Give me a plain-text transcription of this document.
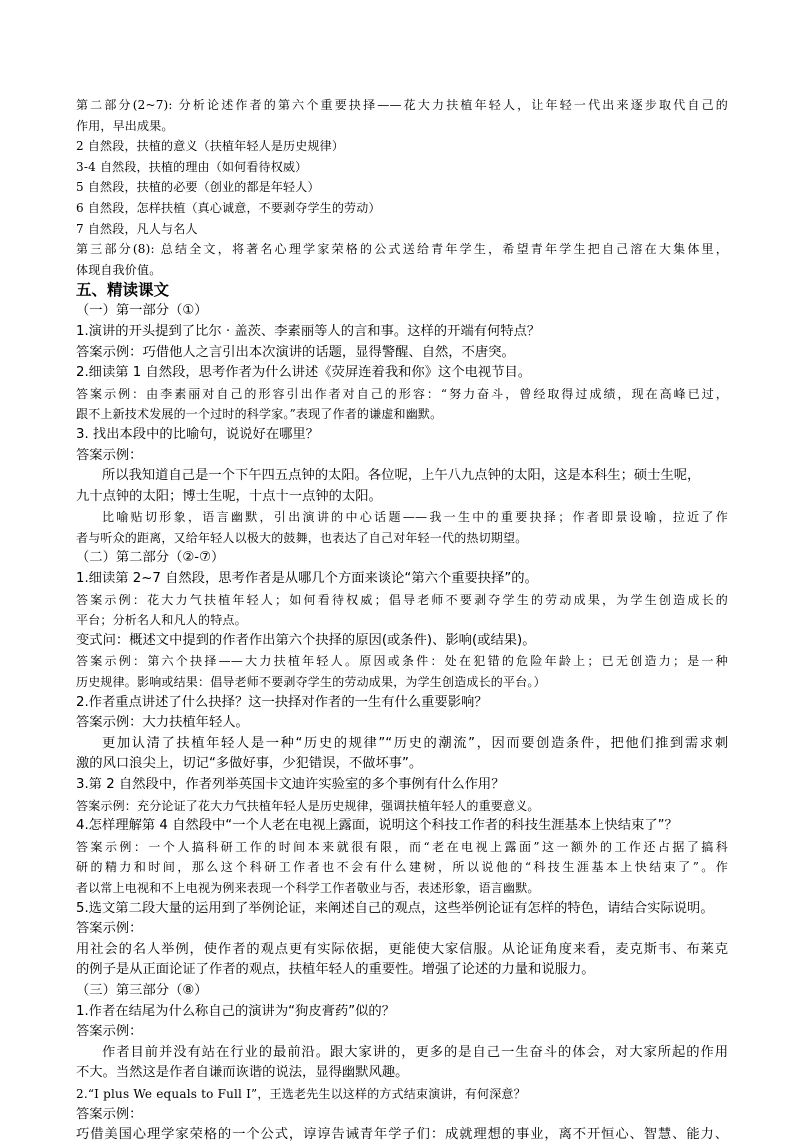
第二部分(2~7): 分析论述作者的第六个重要抉择——花大力扶植年轻人，让年轻一代出来逐步取代自己的
作用，早出成果。
2 自然段，扶植的意义（扶植年轻人是历史规律）
3-4 自然段，扶植的理由（如何看待权威）
5 自然段，扶植的必要（创业的都是年轻人）
6 自然段，怎样扶植（真心诚意，不要剥夺学生的劳动）
7 自然段，凡人与名人
第三部分(8): 总结全文，将著名心理学家荣格的公式送给青年学生，希望青年学生把自己溶在大集体里，
体现自我价值。
五、精读课文
（一）第一部分（①）
1.演讲的开头提到了比尔 · 盖茨、李素丽等人的言和事。这样的开端有何特点？
答案示例：巧借他人之言引出本次演讲的话题，显得警醒、自然，不唐突。
2.细读第 1 自然段，思考作者为什么讲述《荧屏连着我和你》这个电视节目。
答案示例：由李素丽对自己的形容引出作者对自己的形容：“努力奋斗，曾经取得过成绩，现在高峰已过，
跟不上新技术发展的一个过时的科学家。”表现了作者的谦虚和幽默。
3. 找出本段中的比喻句，说说好在哪里？
答案示例：
所以我知道自己是一个下午四五点钟的太阳。各位呢，上午八九点钟的太阳，这是本科生；硕士生呢，
九十点钟的太阳；博士生呢，十点十一点钟的太阳。
比喻贴切形象，语言幽默，引出演讲的中心话题——我一生中的重要抉择；作者即景设喻，拉近了作
者与听众的距离，又给年轻人以极大的鼓舞，也表达了自己对年轻一代的热切期望。
（二）第二部分（②-⑦）
1.细读第 2~7 自然段，思考作者是从哪几个方面来谈论“第六个重要抉择”的。
答案示例：花大力气扶植年轻人；如何看待权威；倡导老师不要剥夺学生的劳动成果，为学生创造成长的
平台；分析名人和凡人的特点。
变式问：概述文中提到的作者作出第六个抉择的原因(或条件)、影响(或结果)。
答案示例：第六个抉择——大力扶植年轻人。原因或条件：处在犯错的危险年龄上；已无创造力；是一种
历史规律。影响或结果：倡导老师不要剥夺学生的劳动成果，为学生创造成长的平台。）
2.作者重点讲述了什么抉择？这一抉择对作者的一生有什么重要影响？
答案示例：大力扶植年轻人。
更加认清了扶植年轻人是一种“历史的规律”“历史的潮流”，因而要创造条件，把他们推到需求刺
激的风口浪尖上，切记“多做好事，少犯错误，不做坏事”。
3.第 2 自然段中，作者列举英国卡文迪许实验室的多个事例有什么作用？
答案示例：充分论证了花大力气扶植年轻人是历史规律，强调扶植年轻人的重要意义。
4.怎样理解第 4 自然段中“一个人老在电视上露面，说明这个科技工作者的科技生涯基本上快结束了”？
答案示例：一个人搞科研工作的时间本来就很有限，而“老在电视上露面”这一额外的工作还占据了搞科
研的精力和时间，那么这个科研工作者也不会有什么建树，所以说他的“科技生涯基本上快结束了”。作
者以常上电视和不上电视为例来表现一个科学工作者敬业与否，表述形象，语言幽默。
5.选文第二段大量的运用到了举例论证，来阐述自己的观点，这些举例论证有怎样的特色，请结合实际说明。
答案示例：
用社会的名人举例，使作者的观点更有实际依据，更能使大家信服。从论证角度来看，麦克斯韦、布莱克
的例子是从正面论证了作者的观点，扶植年轻人的重要性。增强了论述的力量和说服力。
（三）第三部分（⑧）
1.作者在结尾为什么称自己的演讲为“狗皮膏药”似的？
答案示例：
作者目前并没有站在行业的最前沿。跟大家讲的，更多的是自己一生奋斗的体会，对大家所起的作用
不大。当然这是作者自谦而诙谐的说法，显得幽默风趣。
2.“I plus We equals to Full I”，王选老先生以这样的方式结束演讲，有何深意？
答案示例：
巧借美国心理学家荣格的一个公式，谆谆告诫青年学子们：成就理想的事业，离不开恒心、智慧、能力、
